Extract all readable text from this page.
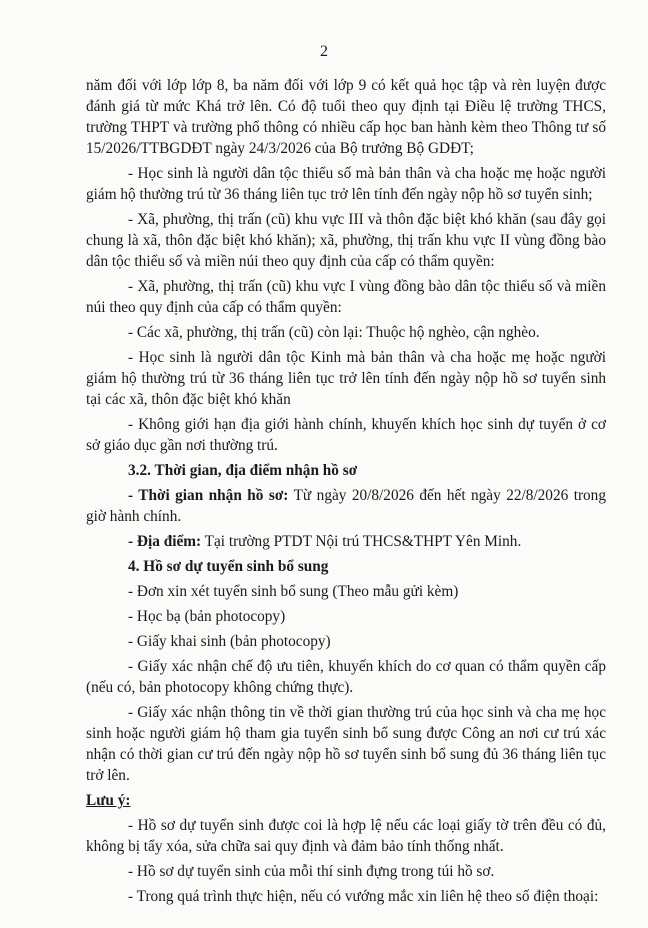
2

năm đối với lớp lớp 8, ba năm đối với lớp 9 có kết quả học tập và rèn luyện được đánh giá từ mức Khá trở lên. Có độ tuổi theo quy định tại Điều lệ trường THCS, trường THPT và trường phổ thông có nhiều cấp học ban hành kèm theo Thông tư số 15/2026/TTBGDĐT ngày 24/3/2026 của Bộ trưởng Bộ GDĐT;

- Học sinh là người dân tộc thiểu số mà bản thân và cha hoặc mẹ hoặc người giám hộ thường trú từ 36 tháng liên tục trở lên tính đến ngày nộp hồ sơ tuyển sinh;

- Xã, phường, thị trấn (cũ) khu vực III và thôn đặc biệt khó khăn (sau đây gọi chung là xã, thôn đặc biệt khó khăn); xã, phường, thị trấn khu vực II vùng đồng bào dân tộc thiểu số và miền núi theo quy định của cấp có thẩm quyền:

- Xã, phường, thị trấn (cũ) khu vực I vùng đồng bào dân tộc thiểu số và miền núi theo quy định của cấp có thẩm quyền:

- Các xã, phường, thị trấn (cũ) còn lại: Thuộc hộ nghèo, cận nghèo.

- Học sinh là người dân tộc Kinh mà bản thân và cha hoặc mẹ hoặc người giám hộ thường trú từ 36 tháng liên tục trở lên tính đến ngày nộp hồ sơ tuyển sinh tại các xã, thôn đặc biệt khó khăn

- Không giới hạn địa giới hành chính, khuyến khích học sinh dự tuyển ở cơ sở giáo dục gần nơi thường trú.

3.2. Thời gian, địa điểm nhận hồ sơ

- Thời gian nhận hồ sơ: Từ ngày 20/8/2026 đến hết ngày 22/8/2026 trong giờ hành chính.

- Địa điểm: Tại trường PTDT Nội trú THCS&THPT Yên Minh.

4. Hồ sơ dự tuyển sinh bổ sung

- Đơn xin xét tuyển sinh bổ sung (Theo mẫu gửi kèm)

- Học bạ (bản photocopy)

- Giấy khai sinh (bản photocopy)

- Giấy xác nhận chế độ ưu tiên, khuyến khích do cơ quan có thẩm quyền cấp (nếu có, bản photocopy không chứng thực).

- Giấy xác nhận thông tin về thời gian thường trú của học sinh và cha mẹ học sinh hoặc người giám hộ tham gia tuyển sinh bổ sung được Công an nơi cư trú xác nhận có thời gian cư trú đến ngày nộp hồ sơ tuyển sinh bổ sung đủ 36 tháng liên tục trở lên.

Lưu ý:

- Hồ sơ dự tuyển sinh được coi là hợp lệ nếu các loại giấy tờ trên đều có đủ, không bị tẩy xóa, sửa chữa sai quy định và đảm bảo tính thống nhất.

- Hồ sơ dự tuyển sinh của mỗi thí sinh đựng trong túi hồ sơ.

- Trong quá trình thực hiện, nếu có vướng mắc xin liên hệ theo số điện thoại:
